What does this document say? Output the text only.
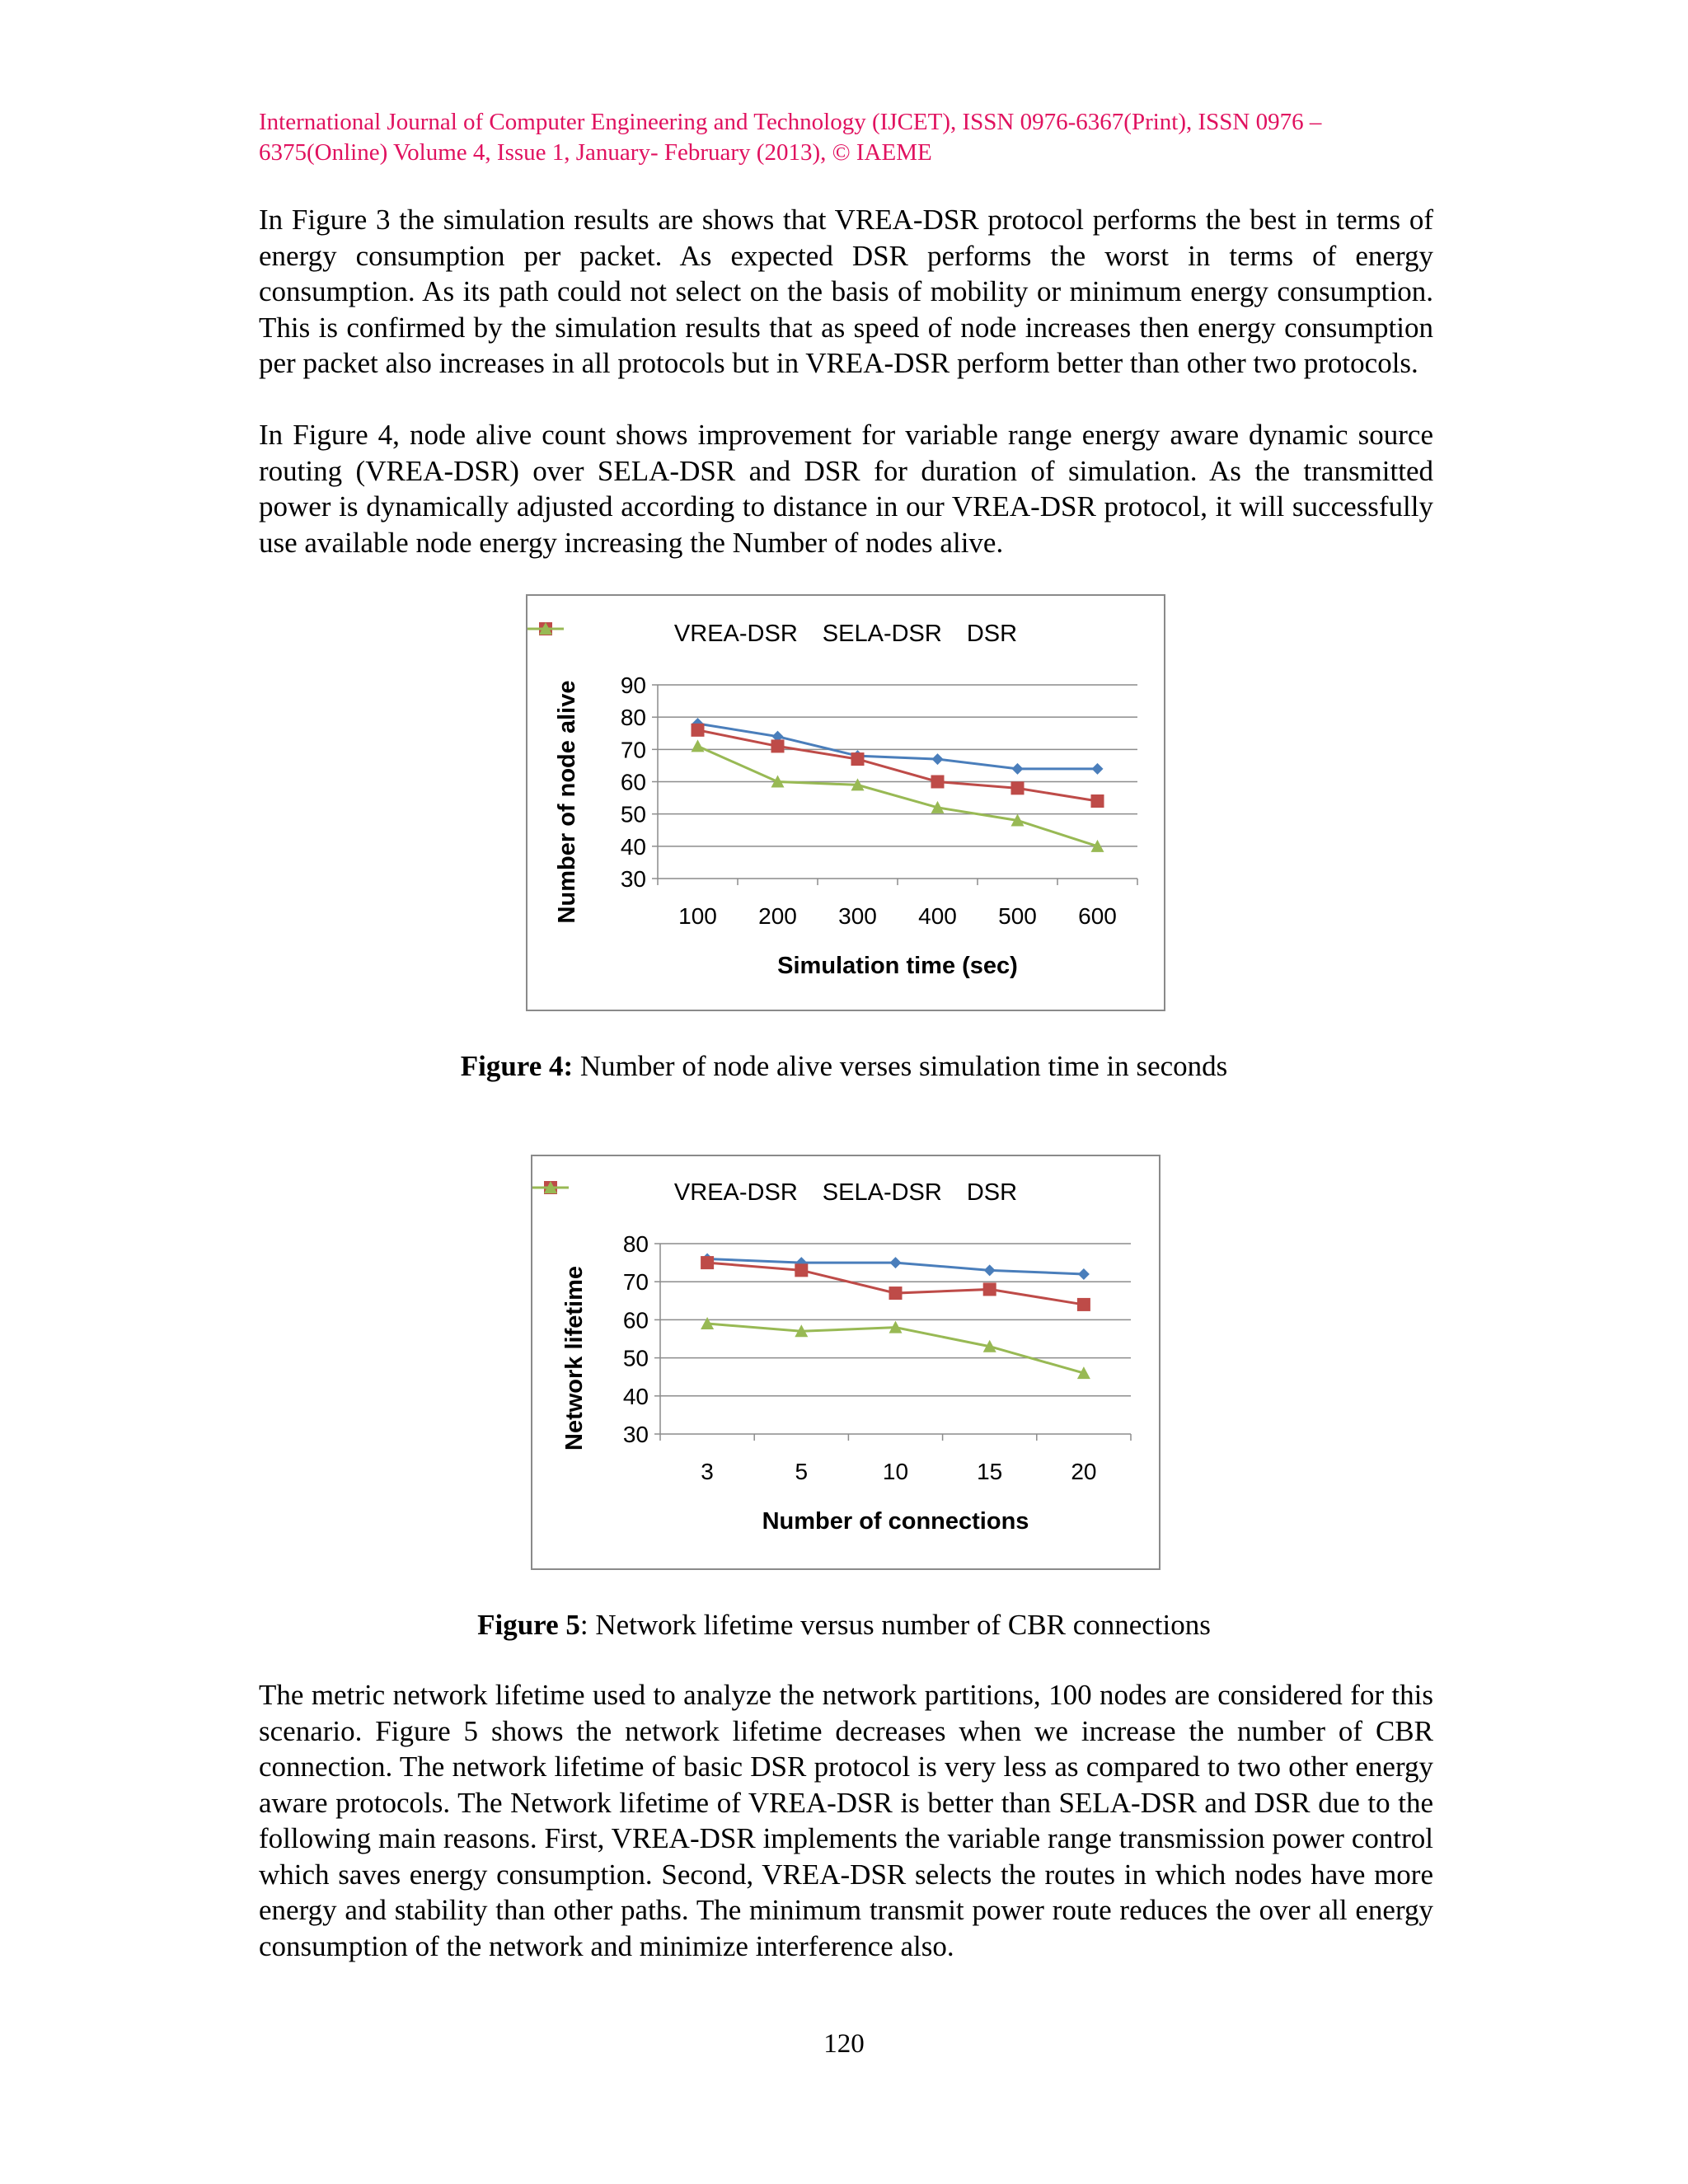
International Journal of Computer Engineering and Technology (IJCET), ISSN 0976-6367(Print), ISSN 0976 –
6375(Online) Volume 4, Issue 1, January- February (2013), © IAEME

In Figure 3 the simulation results are shows that VREA-DSR protocol performs the best in terms of energy consumption per packet. As expected DSR performs the worst in terms of energy consumption. As its path could not select on the basis of mobility or minimum energy consumption. This is confirmed by the simulation results that as speed of node increases then energy consumption per packet also increases in all protocols but in VREA-DSR perform better than other two protocols.

In Figure 4, node alive count shows improvement for variable range energy aware dynamic source routing (VREA-DSR) over SELA-DSR and DSR for duration of simulation. As the transmitted power is dynamically adjusted according to distance in our VREA-DSR protocol, it will successfully use available node energy increasing the Number of nodes alive.

VREA-DSR SELA-DSR DSR
30
40
50
60
70
80
90
100 200 300 400 500 600
Simulation time (sec)
Number of node alive
Figure 4: Number of node alive verses simulation time in seconds
VREA-DSR SELA-DSR DSR
30
40
50
60
70
80
3	5	10	15	20
Number of connections
Network lifetime
Figure 5: Network lifetime versus number of CBR connections

The metric network lifetime used to analyze the network partitions, 100 nodes are considered for this scenario. Figure 5 shows the network lifetime decreases when we increase the number of CBR connection. The network lifetime of basic DSR protocol is very less as compared to two other energy aware protocols. The Network lifetime of VREA-DSR is better than SELA-DSR and DSR due to the following main reasons. First, VREA-DSR implements the variable range transmission power control which saves energy consumption. Second, VREA-DSR selects the routes in which nodes have more energy and stability than other paths. The minimum transmit power route reduces the over all energy consumption of the network and minimize interference also.

120
